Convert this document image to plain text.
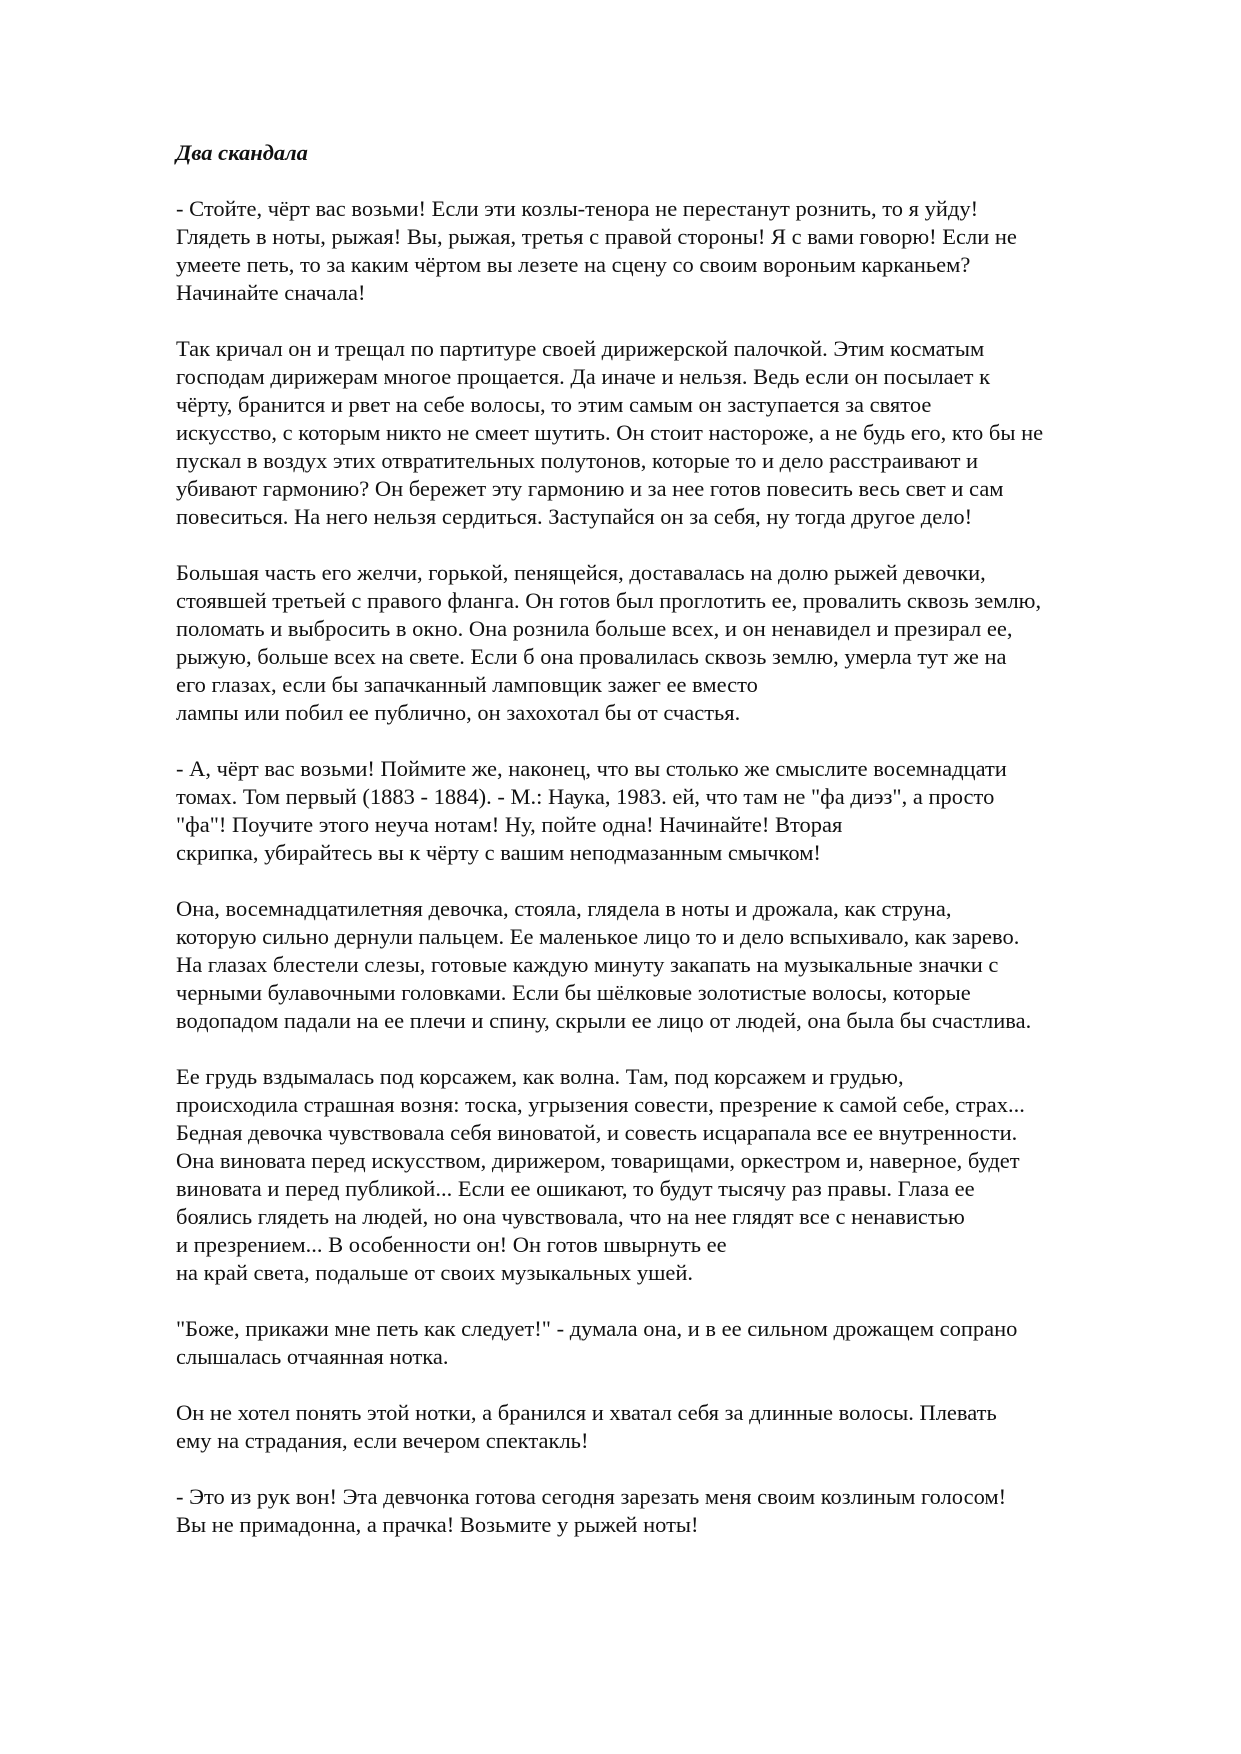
Два скандала
- Стойте, чёрт вас возьми! Если эти козлы-тенора не перестанут рознить, то я уйду!
Глядеть в ноты, рыжая! Вы, рыжая, третья с правой стороны! Я с вами говорю! Если не
умеете петь, то за каким чёртом вы лезете на сцену со своим вороньим карканьем?
Начинайте сначала!
Так кричал он и трещал по партитуре своей дирижерской палочкой. Этим косматым
господам дирижерам многое прощается. Да иначе и нельзя. Ведь если он посылает к
чёрту, бранится и рвет на себе волосы, то этим самым он заступается за святое
искусство, с которым никто не смеет шутить. Он стоит настороже, а не будь его, кто бы не
пускал в воздух этих отвратительных полутонов, которые то и дело расстраивают и
убивают гармонию? Он бережет эту гармонию и за нее готов повесить весь свет и сам
повеситься. На него нельзя сердиться. Заступайся он за себя, ну тогда другое дело!
Большая часть его желчи, горькой, пенящейся, доставалась на долю рыжей девочки,
стоявшей третьей с правого фланга. Он готов был проглотить ее, провалить сквозь землю,
поломать и выбросить в окно. Она рознила больше всех, и он ненавидел и презирал ее,
рыжую, больше всех на свете. Если б она провалилась сквозь землю, умерла тут же на
его глазах, если бы запачканный ламповщик зажег ее вместо
лампы или побил ее публично, он захохотал бы от счастья.
- А, чёрт вас возьми! Поймите же, наконец, что вы столько же смыслите восемнадцати
томах. Том первый (1883 - 1884). - М.: Наука, 1983. ей, что там не "фа диэз", а просто
"фа"! Поучите этого неуча нотам! Ну, пойте одна! Начинайте! Вторая
скрипка, убирайтесь вы к чёрту с вашим неподмазанным смычком!
Она, восемнадцатилетняя девочка, стояла, глядела в ноты и дрожала, как струна,
которую сильно дернули пальцем. Ее маленькое лицо то и дело вспыхивало, как зарево.
На глазах блестели слезы, готовые каждую минуту закапать на музыкальные значки с
черными булавочными головками. Если бы шёлковые золотистые волосы, которые
водопадом падали на ее плечи и спину, скрыли ее лицо от людей, она была бы счастлива.
Ее грудь вздымалась под корсажем, как волна. Там, под корсажем и грудью,
происходила страшная возня: тоска, угрызения совести, презрение к самой себе, страх...
Бедная девочка чувствовала себя виноватой, и совесть исцарапала все ее внутренности.
Она виновата перед искусством, дирижером, товарищами, оркестром и, наверное, будет
виновата и перед публикой... Если ее ошикают, то будут тысячу раз правы. Глаза ее
боялись глядеть на людей, но она чувствовала, что на нее глядят все с ненавистью
и презрением... В особенности он! Он готов швырнуть ее
на край света, подальше от своих музыкальных ушей.
"Боже, прикажи мне петь как следует!" - думала она, и в ее сильном дрожащем сопрано
слышалась отчаянная нотка.
Он не хотел понять этой нотки, а бранился и хватал себя за длинные волосы. Плевать
ему на страдания, если вечером спектакль!
- Это из рук вон! Эта девчонка готова сегодня зарезать меня своим козлиным голосом!
Вы не примадонна, а прачка! Возьмите у рыжей ноты!
